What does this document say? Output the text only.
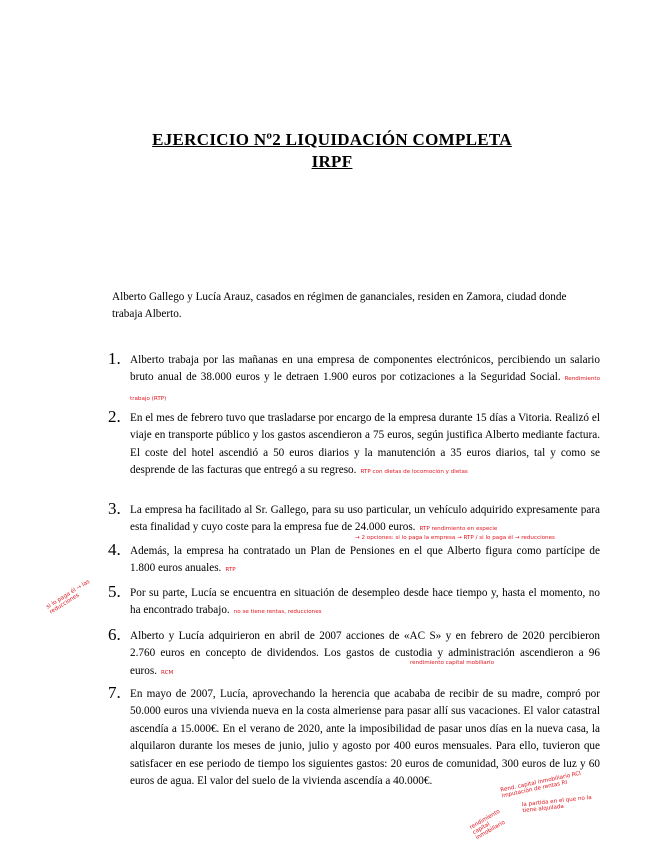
EJERCICIO Nº2 LIQUIDACIÓN COMPLETA
IRPF
Alberto Gallego y Lucía Arauz, casados en régimen de gananciales, residen en Zamora, ciudad donde trabaja Alberto.
1. Alberto trabaja por las mañanas en una empresa de componentes electrónicos, percibiendo un salario bruto anual de 38.000 euros y le detraen 1.900 euros por cotizaciones a la Seguridad Social. Rendimiento trabajo (RTP)
2. En el mes de febrero tuvo que trasladarse por encargo de la empresa durante 15 días a Vitoria. Realizó el viaje en transporte público y los gastos ascendieron a 75 euros, según justifica Alberto mediante factura. El coste del hotel ascendió a 50 euros diarios y la manutención a 35 euros diarios, tal y como se desprende de las facturas que entregó a su regreso. RTP con dietas de locomoción y dietas
3. La empresa ha facilitado al Sr. Gallego, para su uso particular, un vehículo adquirido expresamente para esta finalidad y cuyo coste para la empresa fue de 24.000 euros. RTP rendimiento en especie
4. Además, la empresa ha contratado un Plan de Pensiones en el que Alberto figura como partícipe de 1.800 euros anuales. RTP
→ 2 opciones: si lo paga la empresa → RTP / si lo paga él → reducciones
5. Por su parte, Lucía se encuentra en situación de desempleo desde hace tiempo y, hasta el momento, no ha encontrado trabajo. no se tiene rentas, reducciones
si lo paga él → las reducciones
6. Alberto y Lucía adquirieron en abril de 2007 acciones de «AC S» y en febrero de 2020 percibieron 2.760 euros en concepto de dividendos. Los gastos de custodia y administración ascendieron a 96 euros. RCM
rendimiento capital mobiliario
7. En mayo de 2007, Lucía, aprovechando la herencia que acababa de recibir de su madre, compró por 50.000 euros una vivienda nueva en la costa almeriense para pasar allí sus vacaciones. El valor catastral ascendía a 15.000€. En el verano de 2020, ante la imposibilidad de pasar unos días en la nueva casa, la alquilaron durante los meses de junio, julio y agosto por 400 euros mensuales. Para ello, tuvieron que satisfacer en ese periodo de tiempo los siguientes gastos: 20 euros de comunidad, 300 euros de luz y 60 euros de agua. El valor del suelo de la vivienda ascendía a 40.000€.	Rend. capital inmobiliario RCI imputación de rentas RI
la partida en el que no la tiene alquilada
rendimiento capital inmobiliario
